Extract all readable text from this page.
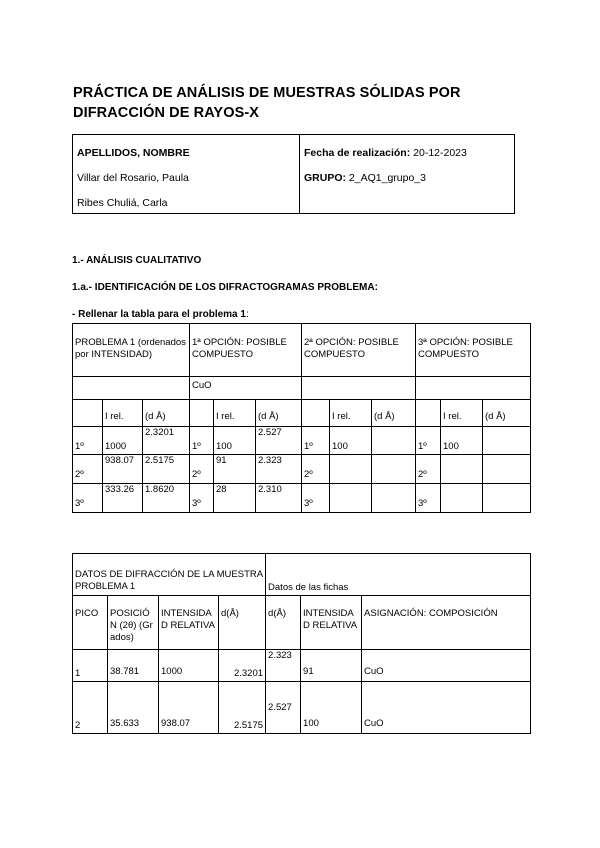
PRÁCTICA DE ANÁLISIS DE MUESTRAS SÓLIDAS POR DIFRACCIÓN DE RAYOS-X
APELLIDOS, NOMBRE
Villar del Rosario, Paula
Ribes Chuliá, Carla

Fecha de realización: 20-12-2023
GRUPO: 2_AQ1_grupo_3
1.- ANÁLISIS CUALITATIVO
1.a.- IDENTIFICACIÓN DE LOS DIFRACTOGRAMAS PROBLEMA:
- Rellenar la tabla para el problema 1:
PROBLEMA 1 (ordenados por INTENSIDAD)			1ª OPCIÓN: POSIBLE COMPUESTO			2ª OPCIÓN: POSIBLE COMPUESTO			3ª OPCIÓN: POSIBLE COMPUESTO		

			CuO								

	I rel.	(d Å)		I rel.	(d Å)		I rel.	(d Å)		I rel.	(d Å)

1º	1000	2.3201	1º	100	2.527	1º	100		1º	100	

2º	938.07	2.5175	2º	91	2.323	2º			2º		

3º	333.26	1.8620	3º	28	2.310	3º			3º		

DATOS DE DIFRACCIÓN DE LA MUESTRA PROBLEMA 1				Datos de las fichas		

PICO	POSICIÓN (2θ) (Grados)	INTENSIDAD RELATIVA	d(Å)	d(Å)	INTENSIDAD RELATIVA	ASIGNACIÓN: COMPOSICIÓN

1	38.781	1000	2.3201	2.323	91	CuO

2	35.633	938.07	2.5175	2.527	100	CuO
